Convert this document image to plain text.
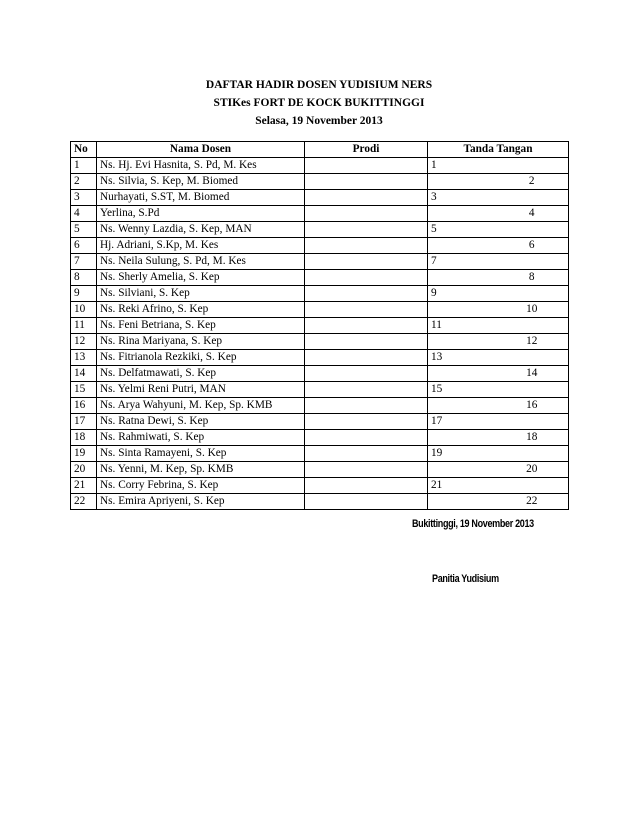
DAFTAR HADIR DOSEN YUDISIUM NERS
STIKes FORT DE KOCK BUKITTINGGI
Selasa, 19 November 2013
No	Nama Dosen	Prodi	Tanda Tangan	
1	Ns. Hj. Evi Hasnita, S. Pd, M. Kes		1	
2	Ns. Silvia, S. Kep, M. Biomed			2
3	Nurhayati, S.ST, M. Biomed		3	
4	Yerlina, S.Pd			4
5	Ns. Wenny Lazdia, S. Kep, MAN		5	
6	Hj. Adriani, S.Kp, M. Kes			6
7	Ns. Neila Sulung, S. Pd, M. Kes		7	
8	Ns. Sherly Amelia, S. Kep			8
9	Ns. Silviani, S. Kep		9	
10	Ns. Reki Afrino, S. Kep			10
11	Ns. Feni Betriana, S. Kep		11	
12	Ns. Rina Mariyana, S. Kep			12
13	Ns. Fitrianola Rezkiki, S. Kep		13	
14	Ns. Delfatmawati, S. Kep			14
15	Ns. Yelmi Reni Putri, MAN		15	
16	Ns. Arya Wahyuni, M. Kep, Sp. KMB			16
17	Ns. Ratna Dewi, S. Kep		17	
18	Ns. Rahmiwati, S. Kep			18
19	Ns. Sinta Ramayeni, S. Kep		19	
20	Ns. Yenni, M. Kep, Sp. KMB			20
21	Ns. Corry Febrina, S. Kep		21	
22	Ns. Emira Apriyeni, S. Kep			22
Bukittinggi, 19 November 2013
Panitia Yudisium
